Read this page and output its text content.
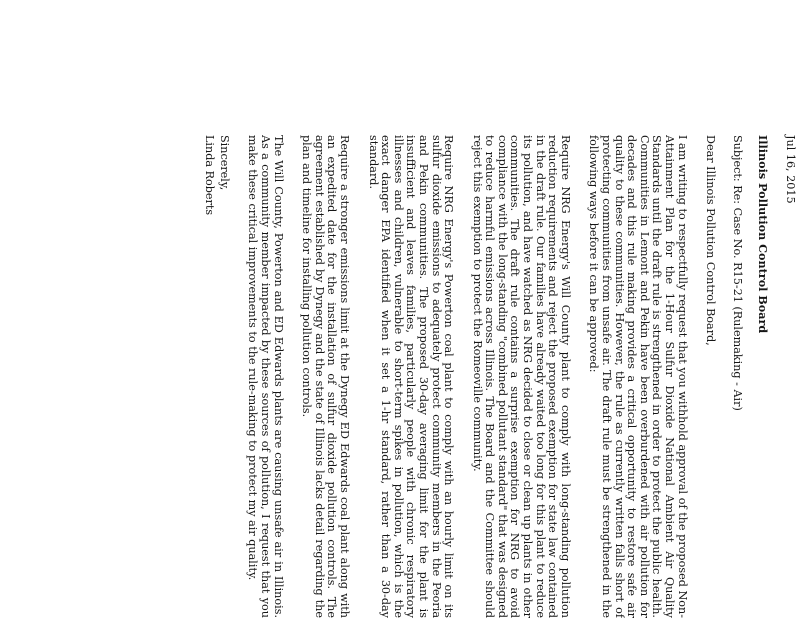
Jul 16, 2015
Illinois Pollution Control Board
Subject: Re: Case No. R15-21 (Rulemaking - Air)
Dear Illinois Pollution Control Board,

I am writing to respectfully request that you withhold approval of the proposed Non-Attainment Plan for the 1-Hour Sulfur Dioxide National Ambient Air Quality Standards until the draft rule is strengthened in order to protect the public health. Communities in Lemont and Pekin have been overburdened with air pollution for decades and this rule making provides a critical opportunity to restore safe air quality to these communities. However, the rule as currently written falls short of protecting communities from unsafe air. The draft rule must be strengthened in the following ways before it can be approved:

Require NRG Energy's Will County plant to comply with long-standing pollution reduction requirements and reject the proposed exemption for state law contained in the draft rule. Our families have already waited too long for this plant to reduce its pollution, and have watched as NRG decided to close or clean up plants in other communities. The draft rule contains a surprise exemption for NRG to avoid compliance with the long-standing "combined pollutant standard" that was designed to reduce harmful emissions across Illinois. The Board and the Committee should reject this exemption to protect the Romeoville community.

Require NRG Energy's Powerton coal plant to comply with an hourly limit on its sulfur dioxide emissions to adequately protect community members in the Peoria and Pekin communities. The proposed 30-day averaging limit for the plant is insufficient and leaves families, particularly people with chronic respiratory illnesses and children, vulnerable to short-term spikes in pollution, which is the exact danger EPA identified when it set a 1-hr standard, rather than a 30-day standard.

Require a stronger emissions limit at the Dynegy ED Edwards coal plant along with an expedited date for the installation of sulfur dioxide pollution controls. The agreement established by Dynegy and the state of Illinois lacks detail regarding the plan and timeline for installing pollution controls.

The Will County, Powerton and ED Edwards plants are causing unsafe air in Illinois. As a community member impacted by these sources of pollution, I request that you make these critical improvements to the rule-making to protect my air quality.

Sincerely,
Linda Roberts
